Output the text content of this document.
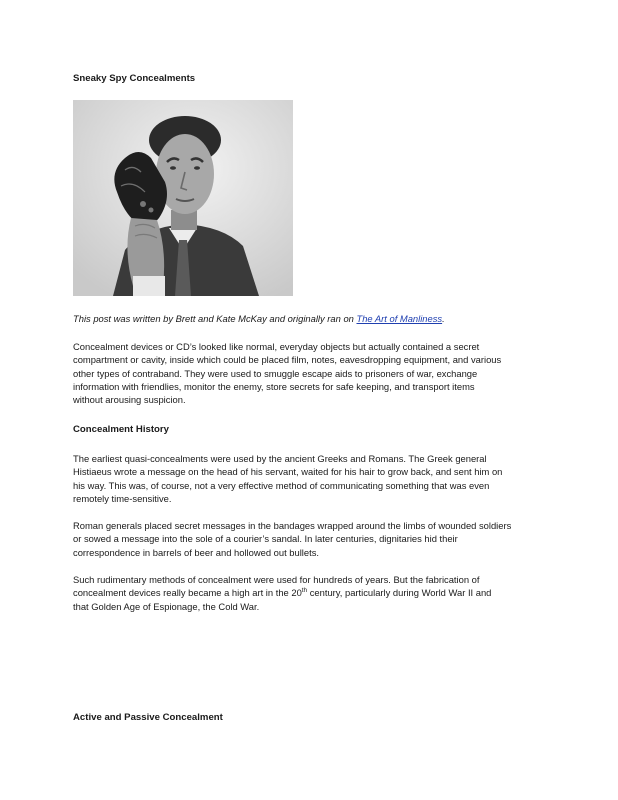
Sneaky Spy Concealments
This post was written by Brett and Kate McKay and originally ran on The Art of Manliness.

Concealment devices or CD’s looked like normal, everyday objects but actually contained a secret
compartment or cavity, inside which could be placed film, notes, eavesdropping equipment, and various
other types of contraband. They were used to smuggle escape aids to prisoners of war, exchange
information with friendlies, monitor the enemy, store secrets for safe keeping, and transport items
without arousing suspicion.

Concealment History

The earliest quasi-concealments were used by the ancient Greeks and Romans. The Greek general
Histiaeus wrote a message on the head of his servant, waited for his hair to grow back, and sent him on
his way. This was, of course, not a very effective method of communicating something that was even
remotely time-sensitive.

Roman generals placed secret messages in the bandages wrapped around the limbs of wounded soldiers
or sowed a message into the sole of a courier’s sandal. In later centuries, dignitaries hid their
correspondence in barrels of beer and hollowed out bullets.

Such rudimentary methods of concealment were used for hundreds of years. But the fabrication of
concealment devices really became a high art in the 20th century, particularly during World War II and
that Golden Age of Espionage, the Cold War.

Active and Passive Concealment
